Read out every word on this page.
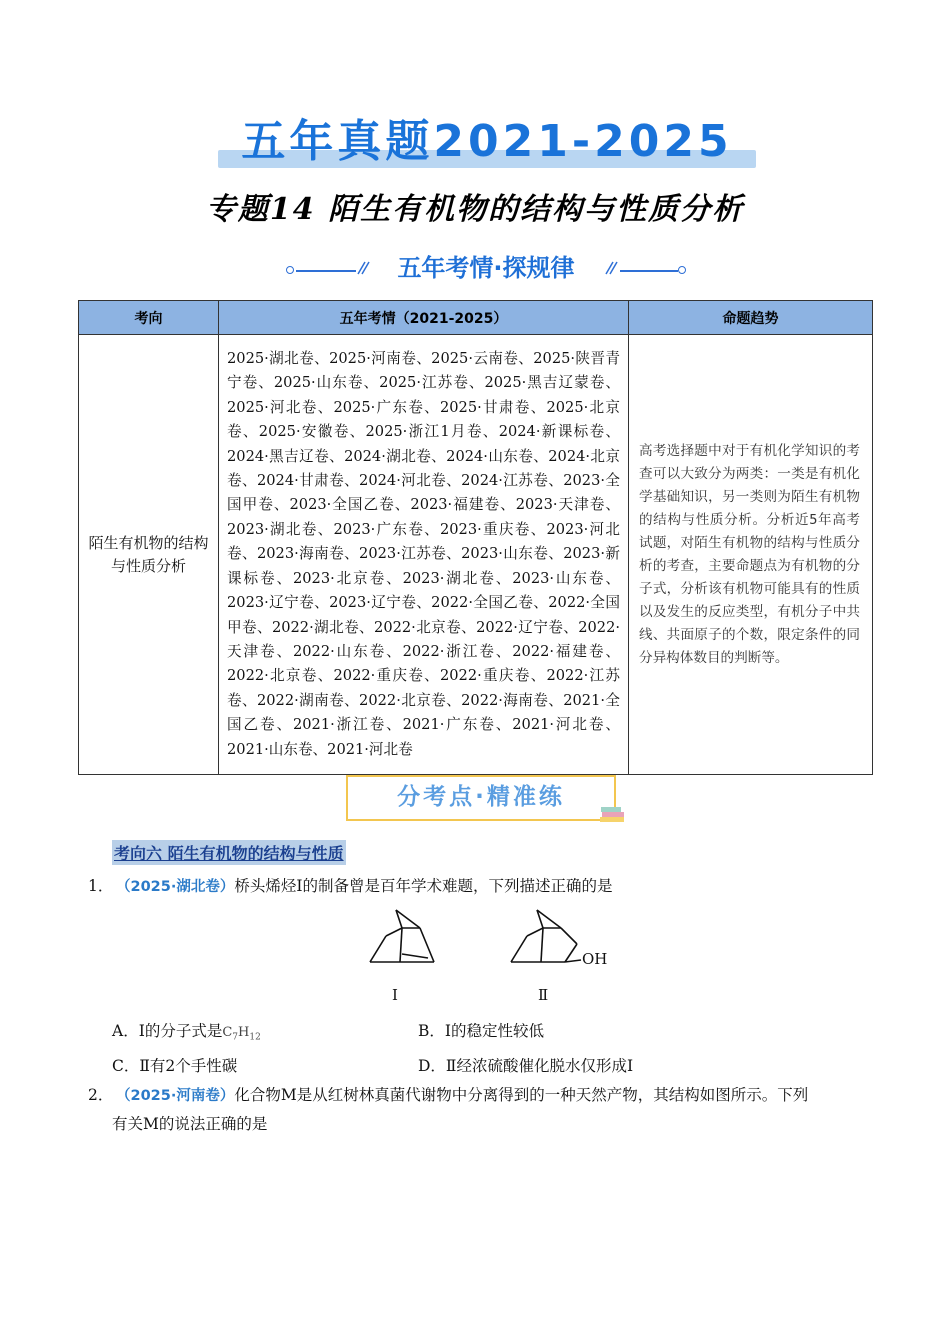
五年真题2021-2025
专题14 陌生有机物的结构与性质分析
五年考情·探规律
考向	五年考情（2021-2025）	命题趋势
陌生有机物的结构与性质分析	2025·湖北卷、2025·河南卷、2025·云南卷、2025·陕晋青宁卷、2025·山东卷、2025·江苏卷、2025·黑吉辽蒙卷、2025·河北卷、2025·广东卷、2025·甘肃卷、2025·北京卷、2025·安徽卷、2025·浙江1月卷、2024·新课标卷、2024·黑吉辽卷、2024·湖北卷、2024·山东卷、2024·北京卷、2024·甘肃卷、2024·河北卷、2024·江苏卷、2023·全国甲卷、2023·全国乙卷、2023·福建卷、2023·天津卷、2023·湖北卷、2023·广东卷、2023·重庆卷、2023·河北卷、2023·海南卷、2023·江苏卷、2023·山东卷、2023·新课标卷、2023·北京卷、2023·湖北卷、2023·山东卷、2023·辽宁卷、2023·辽宁卷、2022·全国乙卷、2022·全国甲卷、2022·湖北卷、2022·北京卷、2022·辽宁卷、2022·天津卷、2022·山东卷、2022·浙江卷、2022·福建卷、2022·北京卷、2022·重庆卷、2022·重庆卷、2022·江苏卷、2022·湖南卷、2022·北京卷、2022·海南卷、2021·全国乙卷、2021·浙江卷、2021·广东卷、2021·河北卷、2021·山东卷、2021·河北卷	高考选择题中对于有机化学知识的考查可以大致分为两类：一类是有机化学基础知识，另一类则为陌生有机物的结构与性质分析。分析近5年高考试题，对陌生有机物的结构与性质分析的考查，主要命题点为有机物的分子式，分析该有机物可能具有的性质以及发生的反应类型，有机分子中共线、共面原子的个数，限定条件的同分异构体数目的判断等。
分考点·精准练
考向六 陌生有机物的结构与性质
1． （2025·湖北卷）桥头烯烃Ⅰ的制备曾是百年学术难题，下列描述正确的是
Ⅰ
OH
Ⅱ
A．Ⅰ的分子式是$C_7H_{12}$	B．Ⅰ的稳定性较低
C．Ⅱ有2个手性碳	D．Ⅱ经浓硫酸催化脱水仅形成Ⅰ
2． （2025·河南卷）化合物M是从红树林真菌代谢物中分离得到的一种天然产物，其结构如图所示。下列
有关M的说法正确的是
